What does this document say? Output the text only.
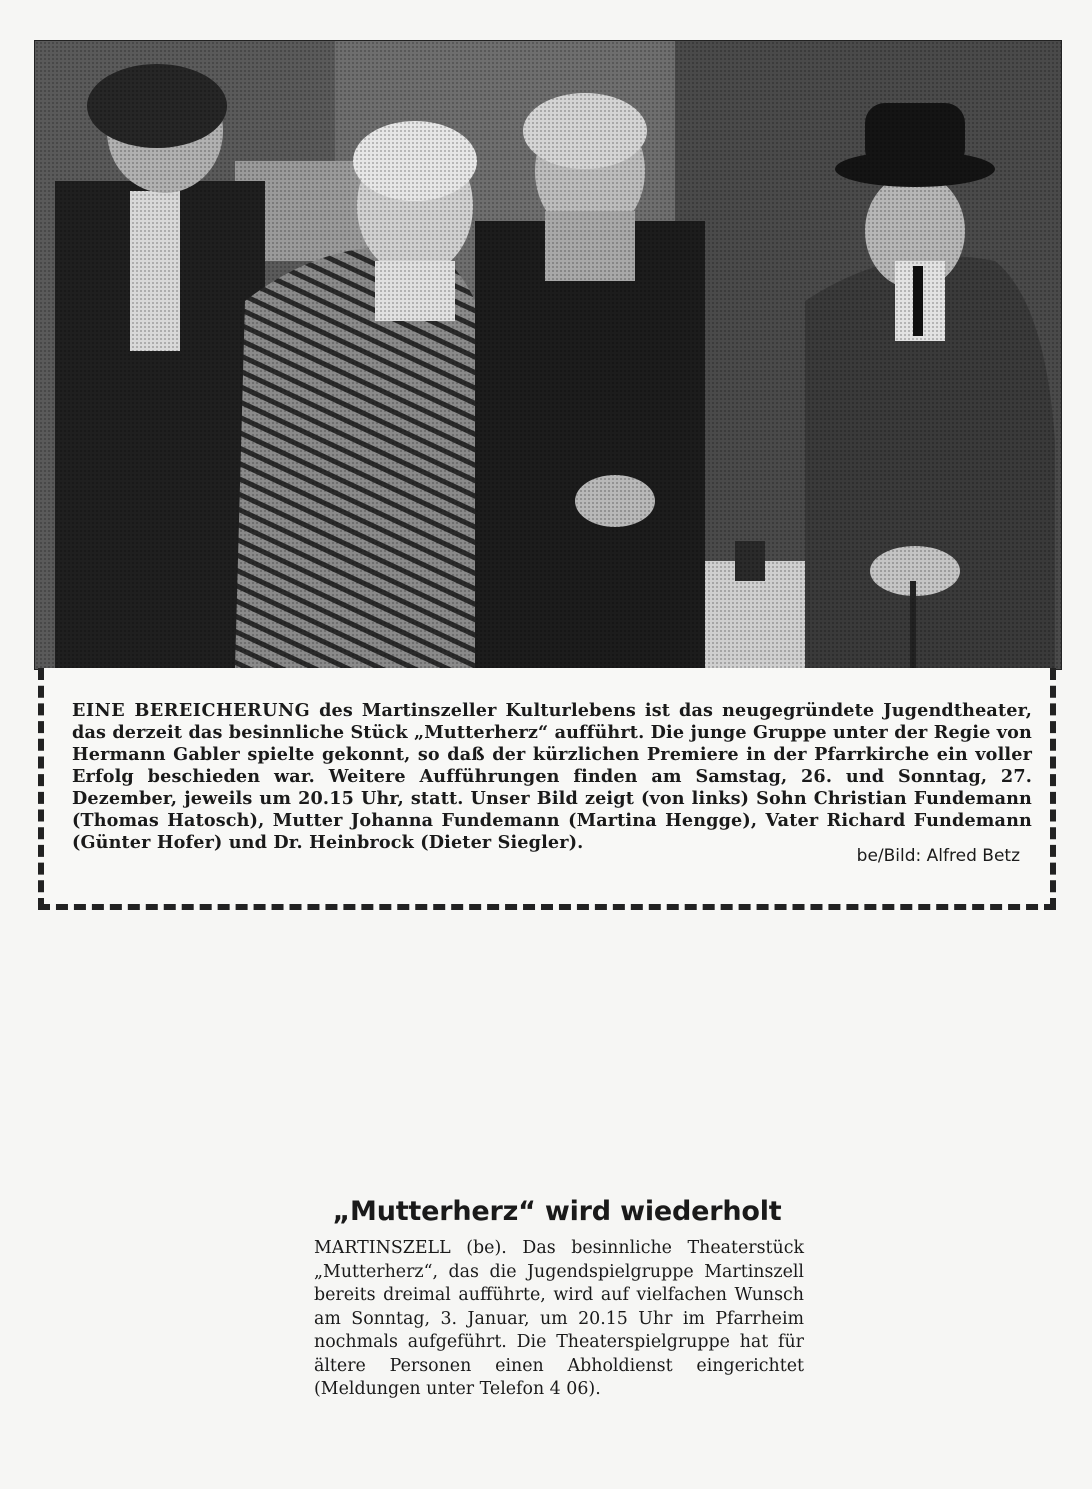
EINE BEREICHERUNG des Martinszeller Kulturlebens ist das neugegründete Jugendtheater, das derzeit das besinnliche Stück „Mutterherz“ aufführt. Die junge Gruppe unter der Regie von Hermann Gabler spielte gekonnt, so daß der kürzlichen Premiere in der Pfarrkirche ein voller Erfolg beschieden war. Weitere Aufführungen finden am Samstag, 26. und Sonntag, 27. Dezember, jeweils um 20.15 Uhr, statt. Unser Bild zeigt (von links) Sohn Christian Fundemann (Thomas Hatosch), Mutter Johanna Fundemann (Martina Hengge), Vater Richard Fundemann (Günter Hofer) und Dr. Heinbrock (Dieter Siegler).

be/Bild: Alfred Betz
„Mutterherz“ wird wiederholt

MARTINSZELL (be). Das besinnliche Theaterstück „Mutterherz“, das die Jugendspielgruppe Martinszell bereits dreimal aufführte, wird auf vielfachen Wunsch am Sonntag, 3. Januar, um 20.15 Uhr im Pfarrheim nochmals aufgeführt. Die Theaterspielgruppe hat für ältere Personen einen Abholdienst eingerichtet (Meldungen unter Telefon 4 06).
